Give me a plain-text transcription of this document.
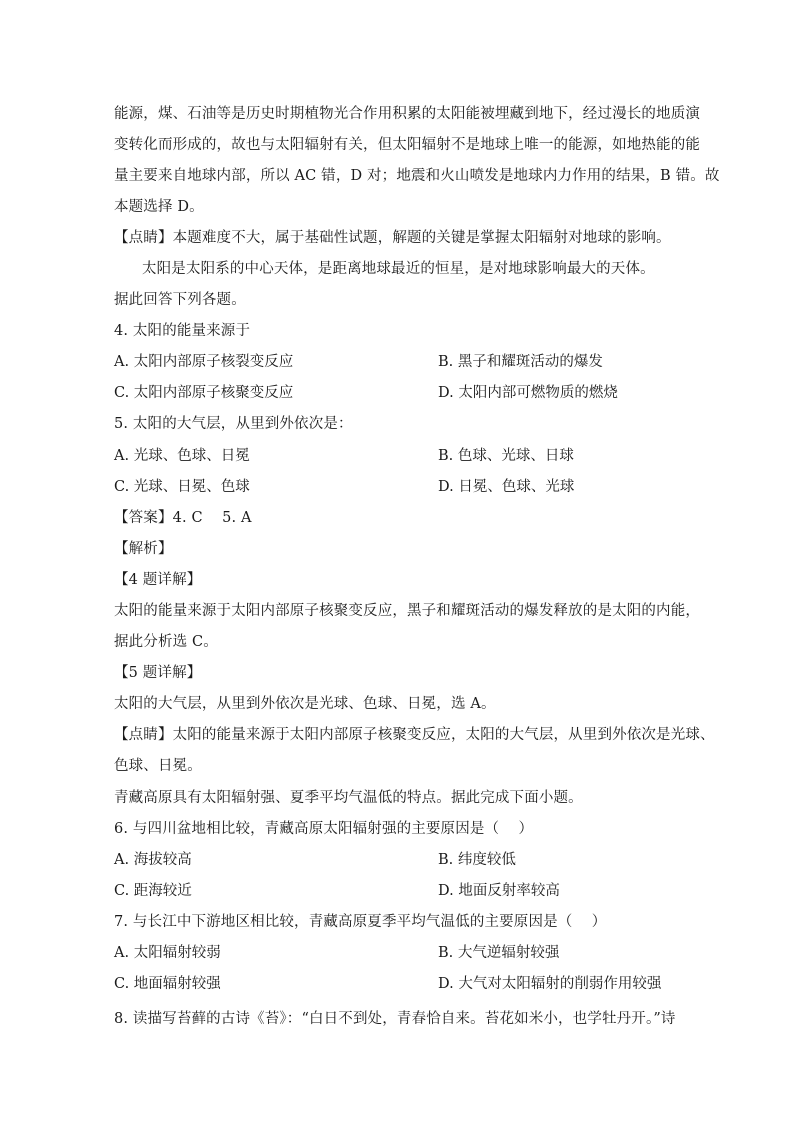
能源，煤、石油等是历史时期植物光合作用积累的太阳能被埋藏到地下，经过漫长的地质演
变转化而形成的，故也与太阳辐射有关，但太阳辐射不是地球上唯一的能源，如地热能的能
量主要来自地球内部，所以 AC 错，D 对；地震和火山喷发是地球内力作用的结果，B 错。故
本题选择 D。
【点睛】本题难度不大，属于基础性试题，解题的关键是掌握太阳辐射对地球的影响。
太阳是太阳系的中心天体，是距离地球最近的恒星，是对地球影响最大的天体。
据此回答下列各题。
4. 太阳的能量来源于
A. 太阳内部原子核裂变反应	B. 黑子和耀斑活动的爆发
C. 太阳内部原子核聚变反应	D. 太阳内部可燃物质的燃烧
5. 太阳的大气层，从里到外依次是：
A. 光球、色球、日冕	B. 色球、光球、日球
C. 光球、日冕、色球	D. 日冕、色球、光球
【答案】4. C　 5. A
【解析】
【4 题详解】
太阳的能量来源于太阳内部原子核聚变反应，黑子和耀斑活动的爆发释放的是太阳的内能，
据此分析选 C。
【5 题详解】
太阳的大气层，从里到外依次是光球、色球、日冕，选 A。
【点睛】太阳的能量来源于太阳内部原子核聚变反应，太阳的大气层，从里到外依次是光球、
色球、日冕。
青藏高原具有太阳辐射强、夏季平均气温低的特点。据此完成下面小题。
6. 与四川盆地相比较，青藏高原太阳辐射强的主要原因是（　 ）
A. 海拔较高	B. 纬度较低
C. 距海较近	D. 地面反射率较高
7. 与长江中下游地区相比较，青藏高原夏季平均气温低的主要原因是（　 ）
A. 太阳辐射较弱	B. 大气逆辐射较强
C. 地面辐射较强	D. 大气对太阳辐射的削弱作用较强
8. 读描写苔藓的古诗《苔》：“白日不到处，青春恰自来。苔花如米小，也学牡丹开。”诗
